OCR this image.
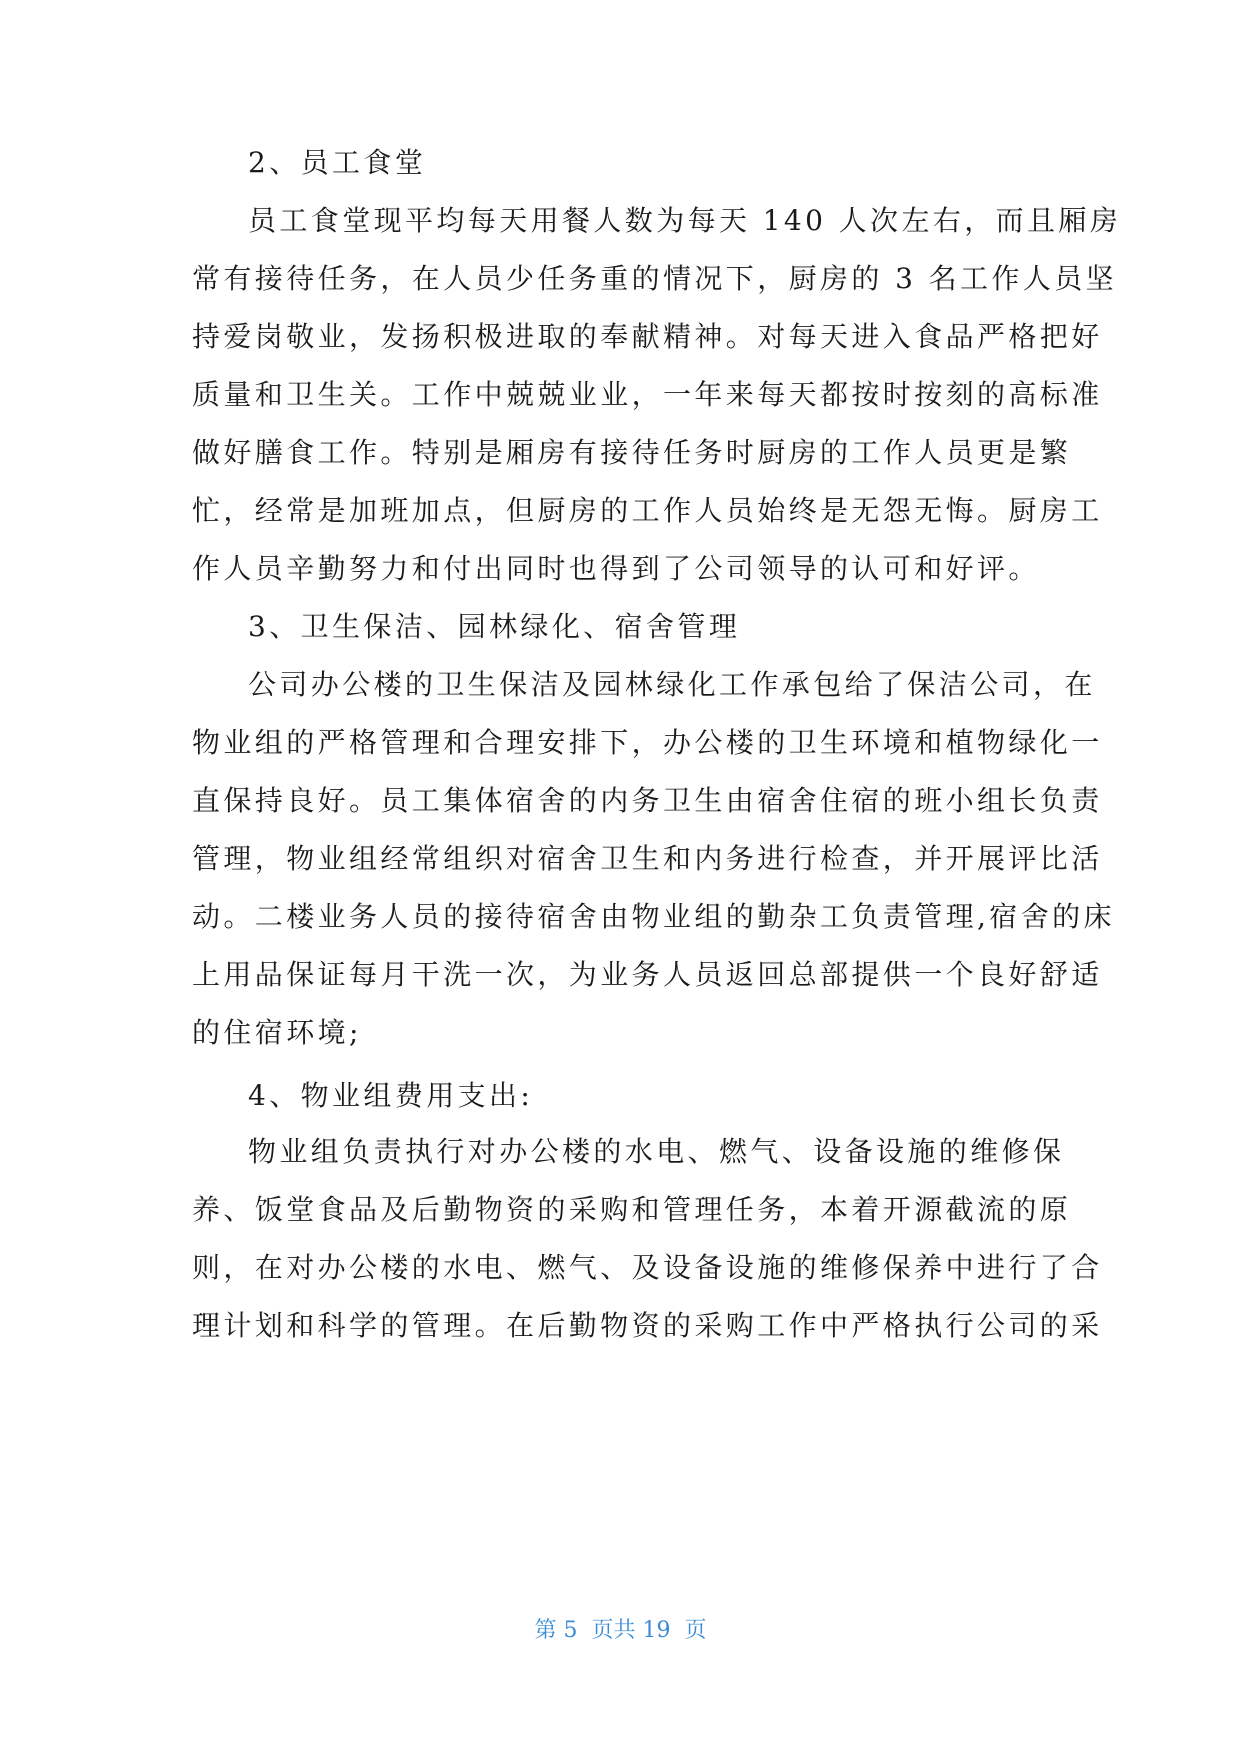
2、员工食堂
员工食堂现平均每天用餐人数为每天 140 人次左右，而且厢房
常有接待任务，在人员少任务重的情况下，厨房的 3 名工作人员坚
持爱岗敬业，发扬积极进取的奉献精神。对每天进入食品严格把好
质量和卫生关。工作中兢兢业业，一年来每天都按时按刻的高标准
做好膳食工作。特别是厢房有接待任务时厨房的工作人员更是繁
忙，经常是加班加点，但厨房的工作人员始终是无怨无悔。厨房工
作人员辛勤努力和付出同时也得到了公司领导的认可和好评。
3、卫生保洁、园林绿化、宿舍管理
公司办公楼的卫生保洁及园林绿化工作承包给了保洁公司，在
物业组的严格管理和合理安排下，办公楼的卫生环境和植物绿化一
直保持良好。员工集体宿舍的内务卫生由宿舍住宿的班小组长负责
管理，物业组经常组织对宿舍卫生和内务进行检查，并开展评比活
动。二楼业务人员的接待宿舍由物业组的勤杂工负责管理,宿舍的床
上用品保证每月干洗一次，为业务人员返回总部提供一个良好舒适
的住宿环境;
4、物业组费用支出:
物业组负责执行对办公楼的水电、燃气、设备设施的维修保
养、饭堂食品及后勤物资的采购和管理任务，本着开源截流的原
则，在对办公楼的水电、燃气、及设备设施的维修保养中进行了合
理计划和科学的管理。在后勤物资的采购工作中严格执行公司的采
第 5  页共 19  页
